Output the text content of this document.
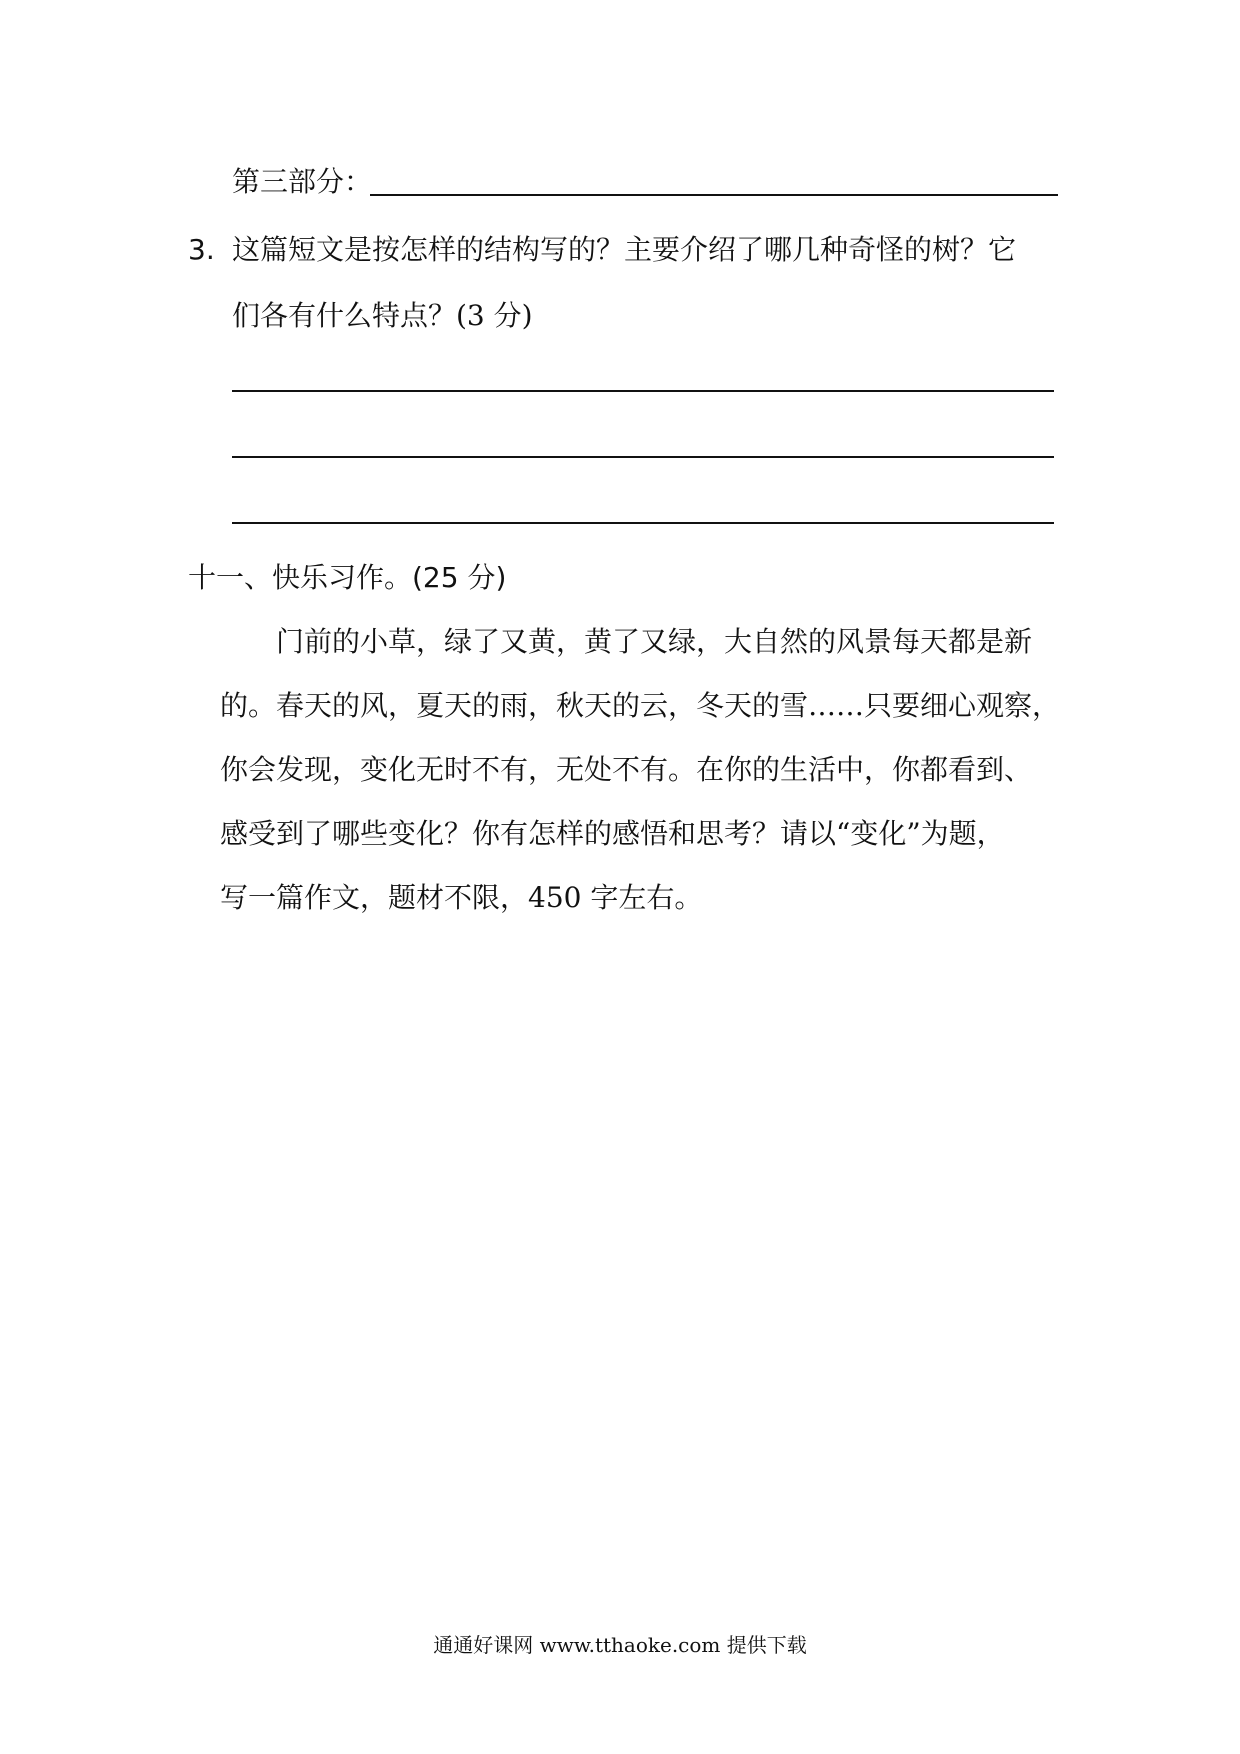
第三部分：
3. 这篇短文是按怎样的结构写的？主要介绍了哪几种奇怪的树？它
们各有什么特点？(3 分)
十一、快乐习作。(25 分)
门前的小草，绿了又黄，黄了又绿，大自然的风景每天都是新
的。春天的风，夏天的雨，秋天的云，冬天的雪……只要细心观察，
你会发现，变化无时不有，无处不有。在你的生活中，你都看到、
感受到了哪些变化？你有怎样的感悟和思考？请以“变化”为题，
写一篇作文，题材不限，450 字左右。
通通好课网 www.tthaoke.com 提供下载
